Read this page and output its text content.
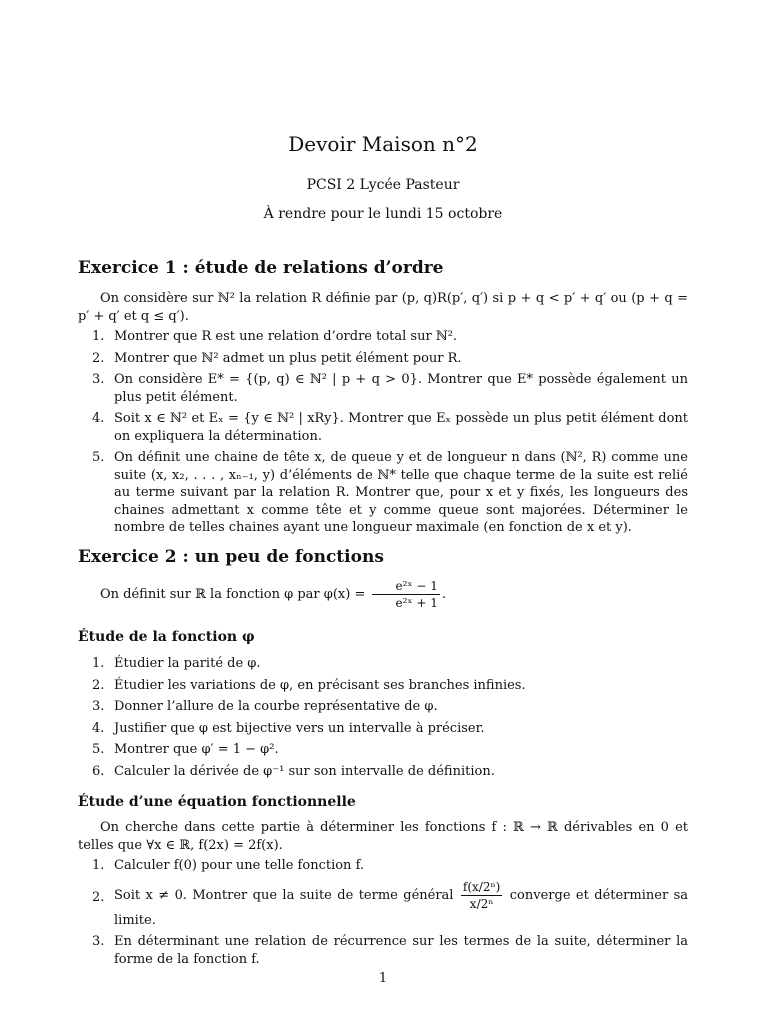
Devoir Maison n°2
PCSI 2 Lycée Pasteur
À rendre pour le lundi 15 octobre
Exercice 1 : étude de relations d’ordre
On considère sur ℕ² la relation R définie par (p, q)R(p′, q′) si p + q < p′ + q′ ou (p + q = p′ + q′ et q ≤ q′).
1. Montrer que R est une relation d’ordre total sur ℕ².
2. Montrer que ℕ² admet un plus petit élément pour R.
3. On considère E* = {(p, q) ∈ ℕ² | p + q > 0}. Montrer que E* possède également un plus petit élément.
4. Soit x ∈ ℕ² et Eₓ = {y ∈ ℕ² | xRy}. Montrer que Eₓ possède un plus petit élément dont on expliquera la détermination.
5. On définit une chaine de tête x, de queue y et de longueur n dans (ℕ², R) comme une suite (x, x₂, . . . , xₙ₋₁, y) d’éléments de ℕ* telle que chaque terme de la suite est relié au terme suivant par la relation R. Montrer que, pour x et y fixés, les longueurs des chaines admettant x comme tête et y comme queue sont majorées. Déterminer le nombre de telles chaines ayant une longueur maximale (en fonction de x et y).
Exercice 2 : un peu de fonctions
On définit sur ℝ la fonction φ par $\varphi(x) = \frac{\text{e²ˣ − 1}}{\text{e²ˣ + 1}}$ .
Étude de la fonction φ
1. Étudier la parité de φ.
2. Étudier les variations de φ, en précisant ses branches infinies.
3. Donner l’allure de la courbe représentative de φ.
4. Justifier que φ est bijective vers un intervalle à préciser.
5. Montrer que φ′ = 1 − φ².
6. Calculer la dérivée de φ⁻¹ sur son intervalle de définition.
Étude d’une équation fonctionnelle
On cherche dans cette partie à déterminer les fonctions f : ℝ → ℝ dérivables en 0 et telles que ∀x ∈ ℝ, f(2x) = 2f(x).
1. Calculer f(0) pour une telle fonction f.
2. Soit x ≠ 0. Montrer que la suite de terme général $\frac{\text{f(x/2ⁿ)}}{\text{x/2ⁿ}}$ converge et déterminer sa limite.
3. En déterminant une relation de récurrence sur les termes de la suite, déterminer la forme de la fonction f.
1
